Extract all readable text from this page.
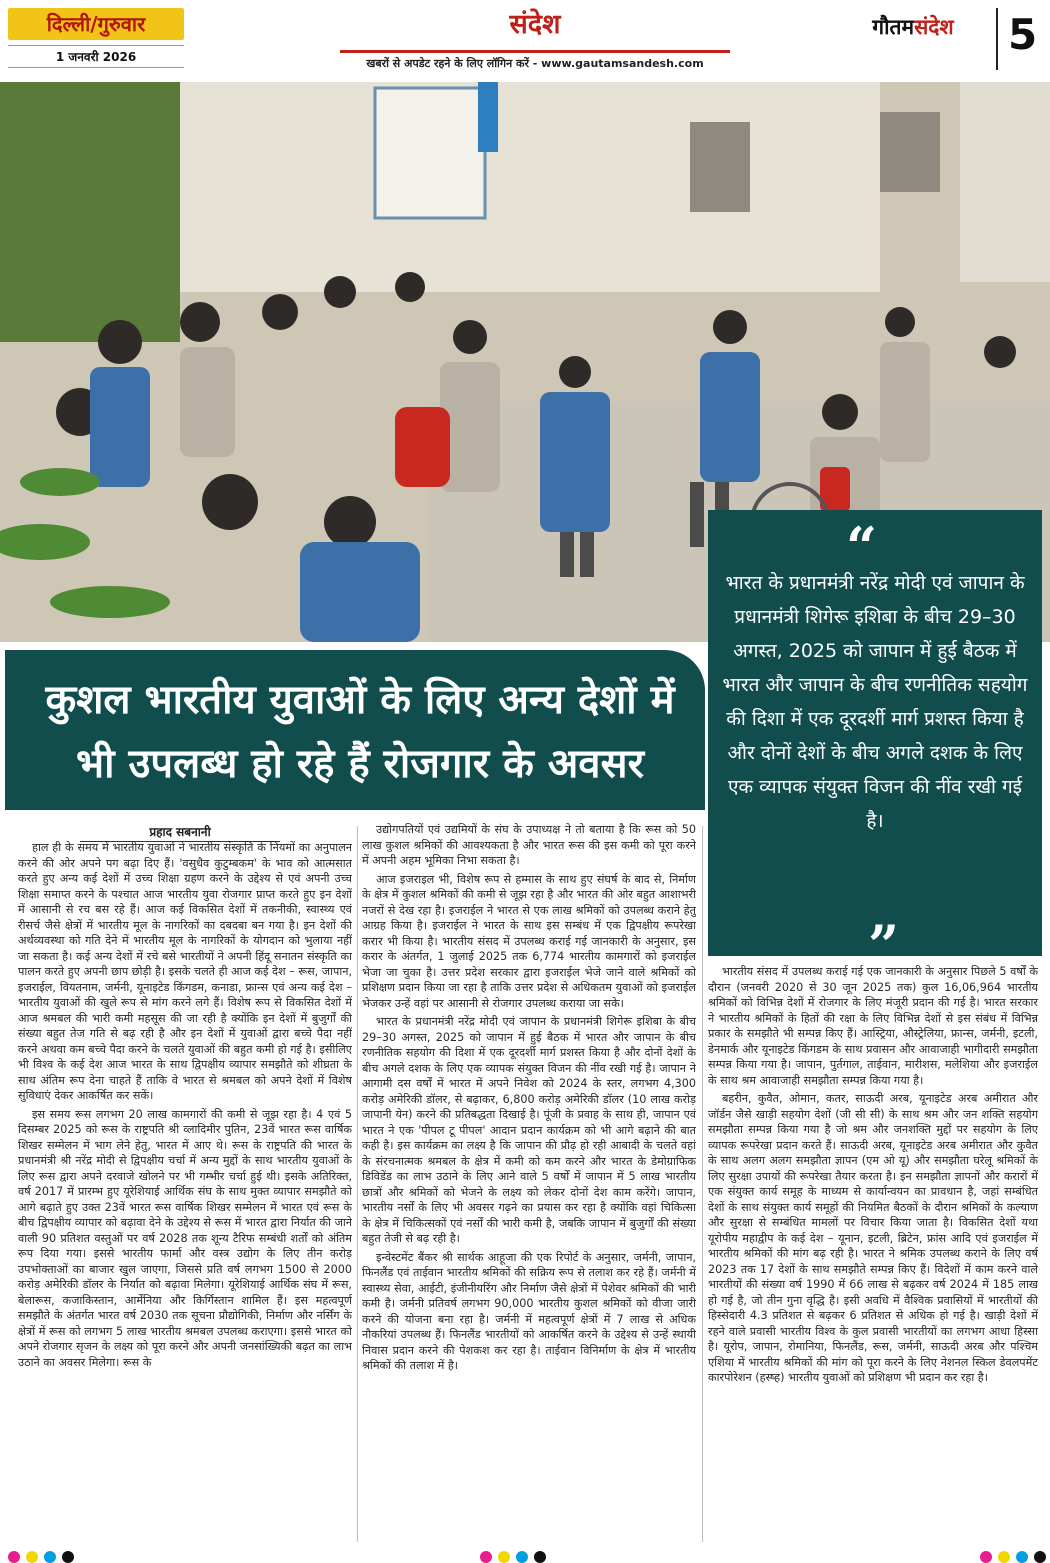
दिल्ली/गुरुवार
1 जनवरी 2026
संदेश
खबरों से अपडेट रहने के लिए लॉगिन करें - www.gautamsandesh.com
गौतमसंदेश	5
कुशल भारतीय युवाओं के लिए अन्य देशों में
भी उपलब्ध हो रहे हैं रोजगार के अवसर
“
भारत के प्रधानमंत्री नरेंद्र मोदी एवं जापान के प्रधानमंत्री शिगेरू इशिबा के बीच 29–30 अगस्त, 2025 को जापान में हुई बैठक में भारत और जापान के बीच रणनीतिक सहयोग की दिशा में एक दूरदर्शी मार्ग प्रशस्त किया है और दोनों देशों के बीच अगले दशक के लिए एक व्यापक संयुक्त विजन की नींव रखी गई है।
”
प्रहाद सबनानी

हाल ही के समय में भारतीय युवाओं ने भारतीय संस्कृति के नियमों का अनुपालन करने की ओर अपने पग बढ़ा दिए हैं। 'वसुधैव कुटुम्बकम' के भाव को आत्मसात करते हुए अन्य कई देशों में उच्च शिक्षा ग्रहण करने के उद्देश्य से एवं अपनी उच्च शिक्षा समाप्त करने के पश्चात आज भारतीय युवा रोजगार प्राप्त करते हुए इन देशों में आसानी से रच बस रहे हैं। आज कई विकसित देशों में तकनीकी, स्वास्थ्य एवं रीसर्च जैसे क्षेत्रों में भारतीय मूल के नागरिकों का दबदबा बन गया है। इन देशों की अर्थव्यवस्था को गति देने में भारतीय मूल के नागरिकों के योगदान को भुलाया नहीं जा सकता है। कई अन्य देशों में रचे बसे भारतीयों ने अपनी हिंदू सनातन संस्कृति का पालन करते हुए अपनी छाप छोड़ी है। इसके चलते ही आज कई देश – रूस, जापान, इजराईल, वियतनाम, जर्मनी, यूनाइटेड किंगडम, कनाडा, फ्रान्स एवं अन्य कई देश – भारतीय युवाओं की खुले रूप से मांग करने लगे हैं। विशेष रूप से विकसित देशों में आज श्रमबल की भारी कमी महसूस की जा रही है क्योंकि इन देशों में बुजुर्गों की संख्या बहुत तेज गति से बढ़ रही है और इन देशों में युवाओं द्वारा बच्चे पैदा नहीं करने अथवा कम बच्चे पैदा करने के चलते युवाओं की बहुत कमी हो गई है। इसीलिए भी विश्व के कई देश आज भारत के साथ द्विपक्षीय व्यापार समझौते को शीघ्रता के साथ अंतिम रूप देना चाहते हैं ताकि वे भारत से श्रमबल को अपने देशों में विशेष सुविधाएं देकर आकर्षित कर सकें।

इस समय रूस लगभग 20 लाख कामगारों की कमी से जूझ रहा है। 4 एवं 5 दिसम्बर 2025 को रूस के राष्ट्रपति श्री व्लादिमीर पुतिन, 23वें भारत रूस वार्षिक शिखर सम्मेलन में भाग लेने हेतु, भारत में आए थे। रूस के राष्ट्रपति की भारत के प्रधानमंत्री श्री नरेंद्र मोदी से द्विपक्षीय चर्चा में अन्य मुद्दों के साथ भारतीय युवाओं के लिए रूस द्वारा अपने दरवाजे खोलने पर भी गम्भीर चर्चा हुई थी। इसके अतिरिक्त, वर्ष 2017 में प्रारम्भ हुए यूरेशियाई आर्थिक संघ के साथ मुक्त व्यापार समझौते को आगे बढ़ाते हुए उक्त 23वें भारत रूस वार्षिक शिखर सम्मेलन में भारत एवं रूस के बीच द्विपक्षीय व्यापार को बढ़ावा देने के उद्देश्य से रूस में भारत द्वारा निर्यात की जाने वाली 90 प्रतिशत वस्तुओं पर वर्ष 2028 तक शून्य टैरिफ सम्बंधी शर्तों को अंतिम रूप दिया गया। इससे भारतीय फार्मा और वस्त्र उद्योग के लिए तीन करोड़ उपभोक्ताओं का बाजार खुल जाएगा, जिससे प्रति वर्ष लगभग 1500 से 2000 करोड़ अमेरिकी डॉलर के निर्यात को बढ़ावा मिलेगा। यूरेशियाई आर्थिक संघ में रूस, बेलारूस, कजाकिस्तान, आर्मेनिया और किर्गिस्तान शामिल हैं। इस महत्वपूर्ण समझौते के अंतर्गत भारत वर्ष 2030 तक सूचना प्रौद्योगिकी, निर्माण और नर्सिंग के क्षेत्रों में रूस को लगभग 5 लाख भारतीय श्रमबल उपलब्ध कराएगा। इससे भारत को अपने रोजगार सृजन के लक्ष्य को पूरा करने और अपनी जनसांख्यिकी बढ़त का लाभ उठाने का अवसर मिलेगा। रूस के

उद्योगपतियों एवं उद्यमियों के संघ के उपाध्यक्ष ने तो बताया है कि रूस को 50 लाख कुशल श्रमिकों की आवश्यकता है और भारत रूस की इस कमी को पूरा करने में अपनी अहम भूमिका निभा सकता है।

आज इजराइल भी, विशेष रूप से हम्मास के साथ हुए संघर्ष के बाद से, निर्माण के क्षेत्र में कुशल श्रमिकों की कमी से जूझ रहा है और भारत की ओर बहुत आशाभरी नजरों से देख रहा है। इजराईल ने भारत से एक लाख श्रमिकों को उपलब्ध कराने हेतु आग्रह किया है। इजराईल ने भारत के साथ इस सम्बंध में एक द्विपक्षीय रूपरेखा करार भी किया है। भारतीय संसद में उपलब्ध कराई गई जानकारी के अनुसार, इस करार के अंतर्गत, 1 जुलाई 2025 तक 6,774 भारतीय कामगारों को इजराईल भेजा जा चुका है। उत्तर प्रदेश सरकार द्वारा इजराईल भेजे जाने वाले श्रमिकों को प्रशिक्षण प्रदान किया जा रहा है ताकि उत्तर प्रदेश से अधिकतम युवाओं को इजराईल भेजकर उन्हें वहां पर आसानी से रोजगार उपलब्ध कराया जा सके।

भारत के प्रधानमंत्री नरेंद्र मोदी एवं जापान के प्रधानमंत्री शिगेरू इशिबा के बीच 29–30 अगस्त, 2025 को जापान में हुई बैठक में भारत और जापान के बीच रणनीतिक सहयोग की दिशा में एक दूरदर्शी मार्ग प्रशस्त किया है और दोनों देशों के बीच अगले दशक के लिए एक व्यापक संयुक्त विजन की नींव रखी गई है। जापान ने आगामी दस वर्षों में भारत में अपने निवेश को 2024 के स्तर, लगभग 4,300 करोड़ अमेरिकी डॉलर, से बढ़ाकर, 6,800 करोड़ अमेरिकी डॉलर (10 लाख करोड़ जापानी येन) करने की प्रतिबद्धता दिखाई है। पूंजी के प्रवाह के साथ ही, जापान एवं भारत ने एक 'पीपल टू पीपल' आदान प्रदान कार्यक्रम को भी आगे बढ़ाने की बात कही है। इस कार्यक्रम का लक्ष्य है कि जापान की प्रौढ़ हो रही आबादी के चलते वहां के संरचनात्मक श्रमबल के क्षेत्र में कमी को कम करने और भारत के डेमोग्राफिक डिविडेंड का लाभ उठाने के लिए आने वाले 5 वर्षों में जापान में 5 लाख भारतीय छात्रों और श्रमिकों को भेजने के लक्ष्य को लेकर दोनों देश काम करेंगे। जापान, भारतीय नर्सों के लिए भी अवसर गढ़ने का प्रयास कर रहा है क्योंकि वहां चिकित्सा के क्षेत्र में चिकित्सकों एवं नर्सों की भारी कमी है, जबकि जापान में बुजुर्गों की संख्या बहुत तेजी से बढ़ रही है।

इन्वेस्टमेंट बैंकर श्री सार्थक आहूजा की एक रिपोर्ट के अनुसार, जर्मनी, जापान, फिनलैंड एवं ताईवान भारतीय श्रमिकों की सक्रिय रूप से तलाश कर रहे हैं। जर्मनी में स्वास्थ्य सेवा, आईटी, इंजीनीयरिंग और निर्माण जैसे क्षेत्रों में पेशेवर श्रमिकों की भारी कमी है। जर्मनी प्रतिवर्ष लगभग 90,000 भारतीय कुशल श्रमिकों को वीजा जारी करने की योजना बना रहा है। जर्मनी में महत्वपूर्ण क्षेत्रों में 7 लाख से अधिक नौकरियां उपलब्ध हैं। फिनलैंड भारतीयों को आकर्षित करने के उद्देश्य से उन्हें स्थायी निवास प्रदान करने की पेशकश कर रहा है। ताईवान विनिर्माण के क्षेत्र में भारतीय श्रमिकों की तलाश में है।

भारतीय संसद में उपलब्ध कराई गई एक जानकारी के अनुसार पिछले 5 वर्षों के दौरान (जनवरी 2020 से 30 जून 2025 तक) कुल 16,06,964 भारतीय श्रमिकों को विभिन्न देशों में रोजगार के लिए मंजूरी प्रदान की गई है। भारत सरकार ने भारतीय श्रमिकों के हितों की रक्षा के लिए विभिन्न देशों से इस संबंध में विभिन्न प्रकार के समझौते भी सम्पन्न किए हैं। आस्ट्रिया, औस्ट्रेलिया, फ्रान्स, जर्मनी, इटली, डेनमार्क और यूनाइटेड किंगडम के साथ प्रवासन और आवाजाही भागीदारी समझौता सम्पन्न किया गया है। जापान, पुर्तगाल, ताईवान, मारीशस, मलेशिया और इजराईल के साथ श्रम आवाजाही समझौता सम्पन्न किया गया है।

बहरीन, कुवैत, ओमान, कतर, साऊदी अरब, यूनाइटेड अरब अमीरात और जॉर्डन जैसे खाड़ी सहयोग देशों (जी सी सी) के साथ श्रम और जन शक्ति सहयोग समझौता सम्पन्न किया गया है जो श्रम और जनशक्ति मुद्दों पर सहयोग के लिए व्यापक रूपरेखा प्रदान करते हैं। साऊदी अरब, यूनाइटेड अरब अमीरात और कुवैत के साथ अलग अलग समझौता ज्ञापन (एम ओ यू) और समझौता घरेलू श्रमिकों के लिए सुरक्षा उपायों की रूपरेखा तैयार करता है। इन समझौता ज्ञापनों और करारों में एक संयुक्त कार्य समूह के माध्यम से कार्यान्वयन का प्रावधान है, जहां सम्बंधित देशों के साथ संयुक्त कार्य समूहों की नियमित बैठकों के दौरान श्रमिकों के कल्याण और सुरक्षा से सम्बंधित मामलों पर विचार किया जाता है। विकसित देशों यथा यूरोपीय महाद्वीप के कई देश – यूनान, इटली, ब्रिटेन, फ्रांस आदि एवं इजराईल में भारतीय श्रमिकों की मांग बढ़ रही है। भारत ने श्रमिक उपलब्ध कराने के लिए वर्ष 2023 तक 17 देशों के साथ समझौते सम्पन्न किए हैं। विदेशों में काम करने वाले भारतीयों की संख्या वर्ष 1990 में 66 लाख से बढ़कर वर्ष 2024 में 185 लाख हो गई है, जो तीन गुना वृद्धि है। इसी अवधि में वैश्विक प्रवासियों में भारतीयों की हिस्सेदारी 4.3 प्रतिशत से बढ़कर 6 प्रतिशत से अधिक हो गई है। खाड़ी देशों में रहने वाले प्रवासी भारतीय विश्व के कुल प्रवासी भारतीयों का लगभग आधा हिस्सा है। यूरोप, जापान, रोमानिया, फिनलैंड, रूस, जर्मनी, साऊदी अरब और पश्चिम एशिया में भारतीय श्रमिकों की मांग को पूरा करने के लिए नेशनल स्किल डेवलपमेंट कारपोरेशन (हस्ष्ह) भारतीय युवाओं को प्रशिक्षण भी प्रदान कर रहा है।
